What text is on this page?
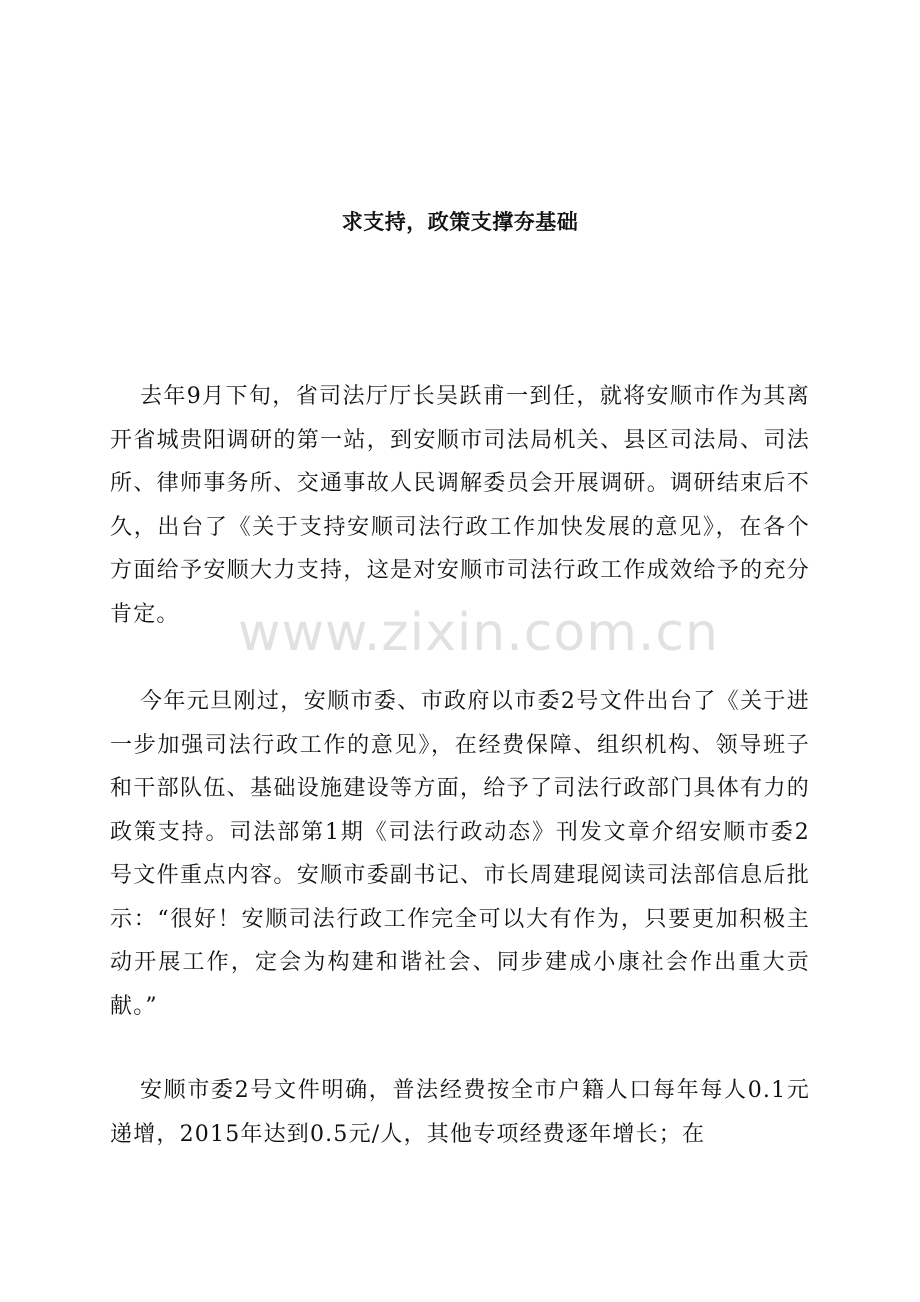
求支持，政策支撑夯基础
去年9月下旬，省司法厅厅长吴跃甫一到任，就将安顺市作为其离开省城贵阳调研的第一站，到安顺市司法局机关、县区司法局、司法所、律师事务所、交通事故人民调解委员会开展调研。调研结束后不久，出台了《关于支持安顺司法行政工作加快发展的意见》，在各个方面给予安顺大力支持，这是对安顺市司法行政工作成效给予的充分肯定。
今年元旦刚过，安顺市委、市政府以市委2号文件出台了《关于进一步加强司法行政工作的意见》，在经费保障、组织机构、领导班子和干部队伍、基础设施建设等方面，给予了司法行政部门具体有力的政策支持。司法部第1期《司法行政动态》刊发文章介绍安顺市委2号文件重点内容。安顺市委副书记、市长周建琨阅读司法部信息后批示：“很好！安顺司法行政工作完全可以大有作为，只要更加积极主动开展工作，定会为构建和谐社会、同步建成小康社会作出重大贡献。”
安顺市委2号文件明确，普法经费按全市户籍人口每年每人0.1元递增，2015年达到0.5元/人，其他专项经费逐年增长；在
www.zixin.com.cn
